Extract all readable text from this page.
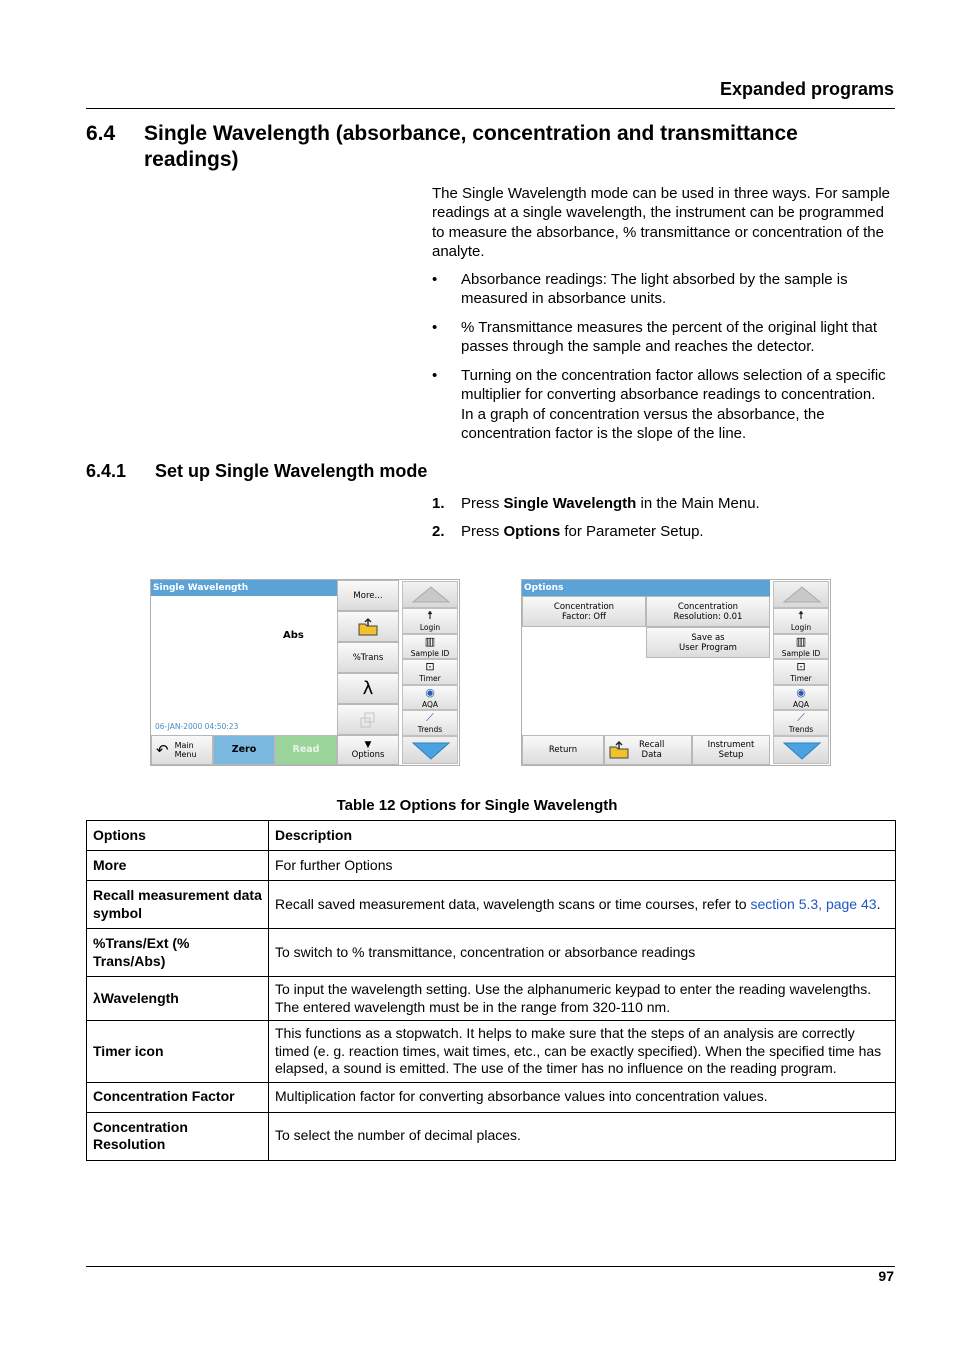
Expanded programs
6.4 Single Wavelength (absorbance, concentration and transmittance readings)
The Single Wavelength mode can be used in three ways. For sample readings at a single wavelength, the instrument can be programmed to measure the absorbance, % transmittance or concentration of the analyte.
• Absorbance readings: The light absorbed by the sample is measured in absorbance units.
• % Transmittance measures the percent of the original light that passes through the sample and reaches the detector.
• Turning on the concentration factor allows selection of a specific multiplier for converting absorbance readings to concentration. In a graph of concentration versus the absorbance, the concentration factor is the slope of the line.
6.4.1 Set up Single Wavelength mode
1. Press Single Wavelength in the Main Menu.
2. Press Options for Parameter Setup.
Single Wavelength
Abs
06-JAN-2000 04:50:23
More...
%Trans
λ
▼
Options
↶ Main
Menu	Zero	Read
☨
Login
▥
Sample ID
⊡
Timer
◉
AQA
⟋
Trends
Options
Concentration
Factor: Off
Concentration
Resolution: 0.01
Save as
User Program
Return	Recall
Data
Instrument
Setup
☨
Login
▥
Sample ID
⊡
Timer
◉
AQA
⟋
Trends
Table 12 Options for Single Wavelength
Options	Description
More	For further Options
Recall measurement data symbol	Recall saved measurement data, wavelength scans or time courses, refer to section 5.3, page 43.
%Trans/Ext (% Trans/Abs)	To switch to % transmittance, concentration or absorbance readings
λWavelength	To input the wavelength setting. Use the alphanumeric keypad to enter the reading wavelengths. The entered wavelength must be in the range from 320-110 nm.
Timer icon	This functions as a stopwatch. It helps to make sure that the steps of an analysis are correctly timed (e. g. reaction times, wait times, etc., can be exactly specified). When the specified time has elapsed, a sound is emitted. The use of the timer has no influence on the reading program.
Concentration Factor	Multiplication factor for converting absorbance values into concentration values.
Concentration Resolution	To select the number of decimal places.
97
